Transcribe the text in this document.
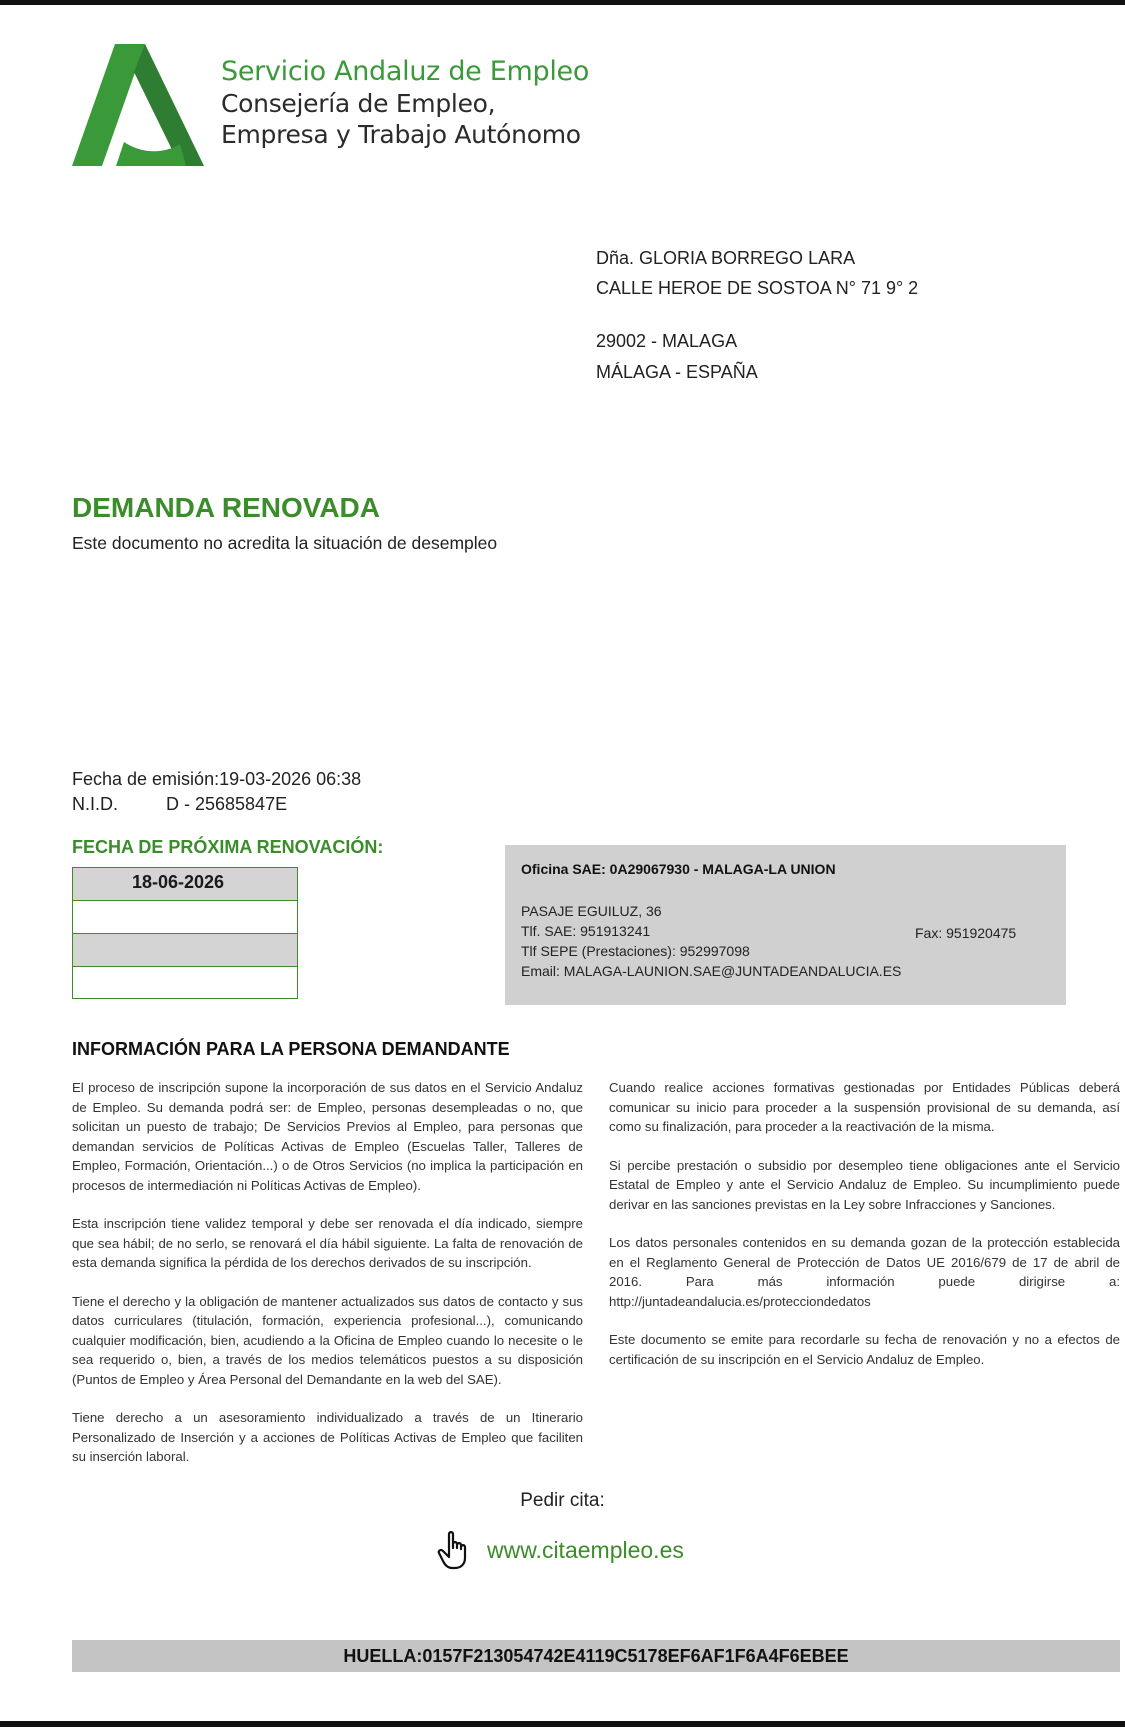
Servicio Andaluz de Empleo
Consejería de Empleo,
Empresa y Trabajo Autónomo
Dña. GLORIA BORREGO LARA
CALLE HEROE DE SOSTOA N° 71 9° 2
29002 - MALAGA
MÁLAGA - ESPAÑA
DEMANDA RENOVADA
Este documento no acredita la situación de desempleo
Fecha de emisión:19-03-2026 06:38
N.I.D.	D - 25685847E
FECHA DE PRÓXIMA RENOVACIÓN:
18-06-2026
Oficina SAE: 0A29067930 - MALAGA-LA UNION
PASAJE EGUILUZ, 36
Tlf. SAE: 951913241	Fax: 951920475
Tlf SEPE (Prestaciones): 952997098
Email: MALAGA-LAUNION.SAE@JUNTADEANDALUCIA.ES
INFORMACIÓN PARA LA PERSONA DEMANDANTE

El proceso de inscripción supone la incorporación de sus datos en el Servicio Andaluz de Empleo. Su demanda podrá ser: de Empleo, personas desempleadas o no, que solicitan un puesto de trabajo; De Servicios Previos al Empleo, para personas que demandan servicios de Políticas Activas de Empleo (Escuelas Taller, Talleres de Empleo, Formación, Orientación...) o de Otros Servicios (no implica la participación en procesos de intermediación ni Políticas Activas de Empleo).

Esta inscripción tiene validez temporal y debe ser renovada el día indicado, siempre que sea hábil; de no serlo, se renovará el día hábil siguiente. La falta de renovación de esta demanda significa la pérdida de los derechos derivados de su inscripción.

Tiene el derecho y la obligación de mantener actualizados sus datos de contacto y sus datos curriculares (titulación, formación, experiencia profesional...), comunicando cualquier modificación, bien, acudiendo a la Oficina de Empleo cuando lo necesite o le sea requerido o, bien, a través de los medios telemáticos puestos a su disposición (Puntos de Empleo y Área Personal del Demandante en la web del SAE).

Tiene derecho a un asesoramiento individualizado a través de un Itinerario Personalizado de Inserción y a acciones de Políticas Activas de Empleo que faciliten su inserción laboral.

Cuando realice acciones formativas gestionadas por Entidades Públicas deberá comunicar su inicio para proceder a la suspensión provisional de su demanda, así como su finalización, para proceder a la reactivación de la misma.

Si percibe prestación o subsidio por desempleo tiene obligaciones ante el Servicio Estatal de Empleo y ante el Servicio Andaluz de Empleo. Su incumplimiento puede derivar en las sanciones previstas en la Ley sobre Infracciones y Sanciones.

Los datos personales contenidos en su demanda gozan de la protección establecida en el Reglamento General de Protección de Datos UE 2016/679 de 17 de abril de 2016. Para más información puede dirigirse a: http://juntadeandalucia.es/protecciondedatos

Este documento se emite para recordarle su fecha de renovación y no a efectos de certificación de su inscripción en el Servicio Andaluz de Empleo.

Pedir cita:
www.citaempleo.es
HUELLA:0157F213054742E4119C5178EF6AF1F6A4F6EBEE
